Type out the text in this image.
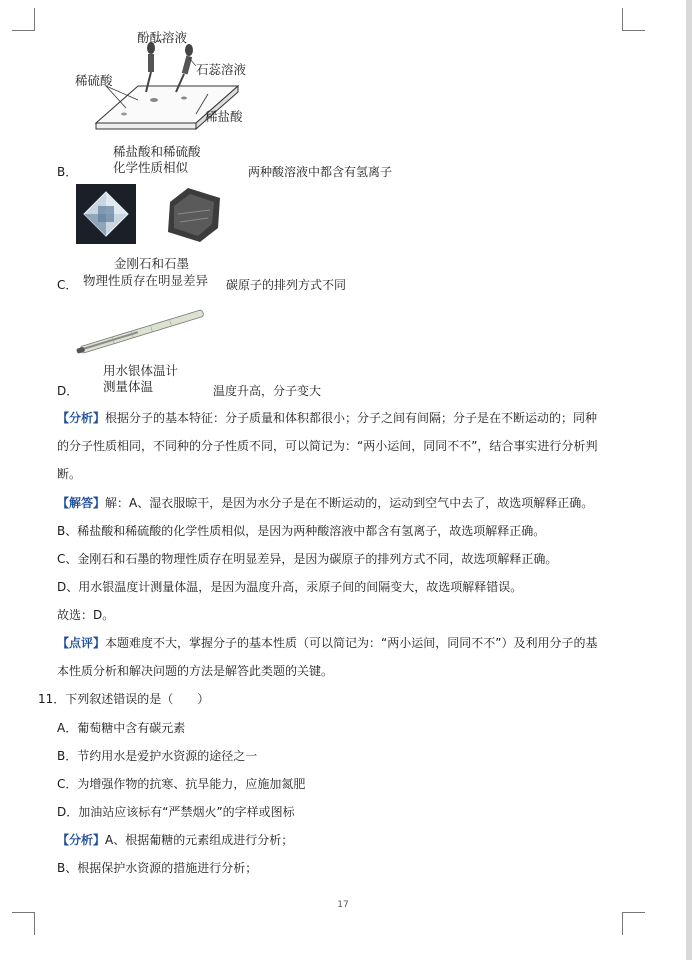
酚酞溶液
石蕊溶液
稀硫酸
稀盐酸
稀盐酸和稀硫酸
化学性质相似
B．	两种酸溶液中都含有氢离子
金刚石和石墨
物理性质存在明显差异
C．	碳原子的排列方式不同
用水银体温计
测量体温
D．	温度升高，分子变大
【分析】根据分子的基本特征：分子质量和体积都很小；分子之间有间隔；分子是在不断运动的；同种
的分子性质相同，不同种的分子性质不同，可以简记为：“两小运间，同同不不”，结合事实进行分析判
断。
【解答】解：A、湿衣服晾干，是因为水分子是在不断运动的，运动到空气中去了，故选项解释正确。
B、稀盐酸和稀硫酸的化学性质相似，是因为两种酸溶液中都含有氢离子，故选项解释正确。
C、金刚石和石墨的物理性质存在明显差异，是因为碳原子的排列方式不同，故选项解释正确。
D、用水银温度计测量体温，是因为温度升高，汞原子间的间隔变大，故选项解释错误。
故选：D。
【点评】本题难度不大，掌握分子的基本性质（可以简记为：“两小运间，同同不不”）及利用分子的基
本性质分析和解决问题的方法是解答此类题的关键。
11．下列叙述错误的是（　　）
A．葡萄糖中含有碳元素
B．节约用水是爱护水资源的途径之一
C．为增强作物的抗寒、抗旱能力，应施加氮肥
D．加油站应该标有“严禁烟火”的字样或图标
【分析】A、根据葡糖的元素组成进行分析；
B、根据保护水资源的措施进行分析；
17
